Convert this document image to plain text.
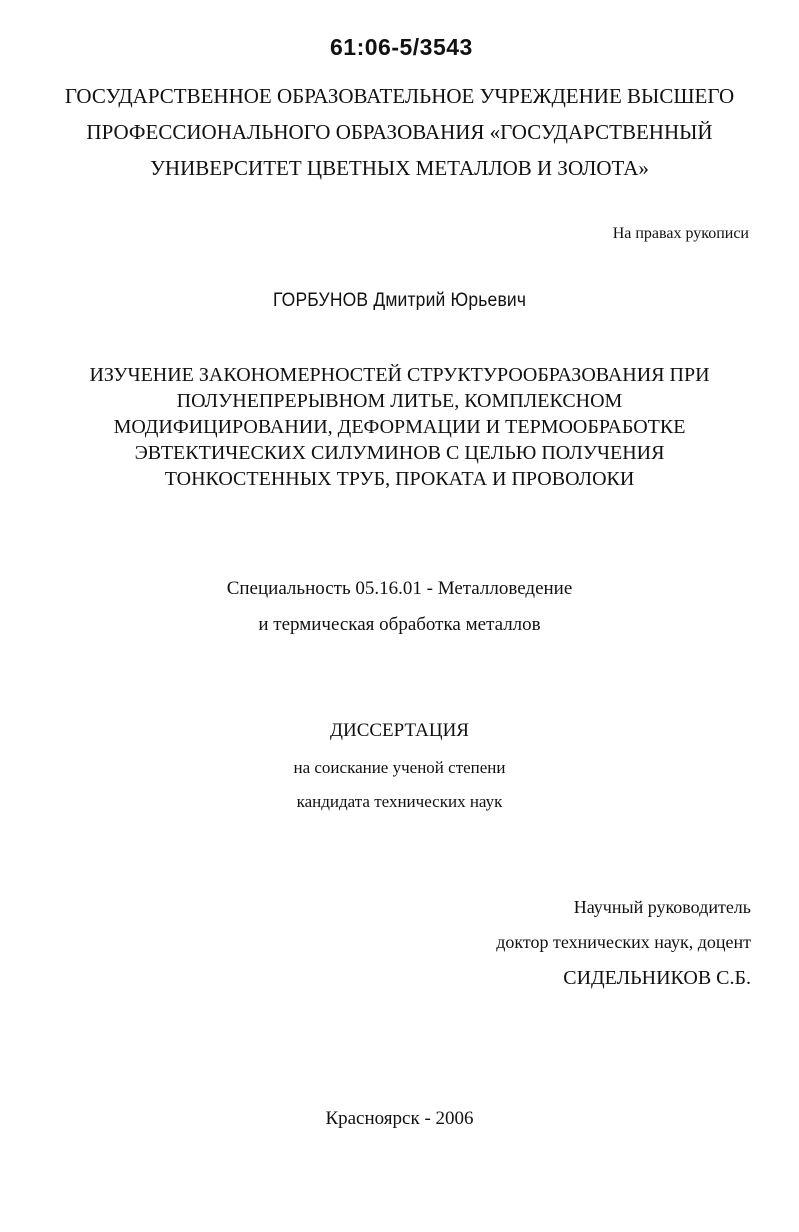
61:06-5/3543
ГОСУДАРСТВЕННОЕ ОБРАЗОВАТЕЛЬНОЕ УЧРЕЖДЕНИЕ ВЫСШЕГО
ПРОФЕССИОНАЛЬНОГО ОБРАЗОВАНИЯ «ГОСУДАРСТВЕННЫЙ
УНИВЕРСИТЕТ ЦВЕТНЫХ МЕТАЛЛОВ И ЗОЛОТА»
На правах рукописи
ГОРБУНОВ Дмитрий Юрьевич
ИЗУЧЕНИЕ ЗАКОНОМЕРНОСТЕЙ СТРУКТУРООБРАЗОВАНИЯ ПРИ
ПОЛУНЕПРЕРЫВНОМ ЛИТЬЕ, КОМПЛЕКСНОМ
МОДИФИЦИРОВАНИИ, ДЕФОРМАЦИИ И ТЕРМООБРАБОТКЕ
ЭВТЕКТИЧЕСКИХ СИЛУМИНОВ С ЦЕЛЬЮ ПОЛУЧЕНИЯ
ТОНКОСТЕННЫХ ТРУБ, ПРОКАТА И ПРОВОЛОКИ
Специальность 05.16.01 - Металловедение
и термическая обработка металлов
ДИССЕРТАЦИЯ
на соискание ученой степени
кандидата технических наук
Научный руководитель
доктор технических наук, доцент
СИДЕЛЬНИКОВ С.Б.
Красноярск - 2006
